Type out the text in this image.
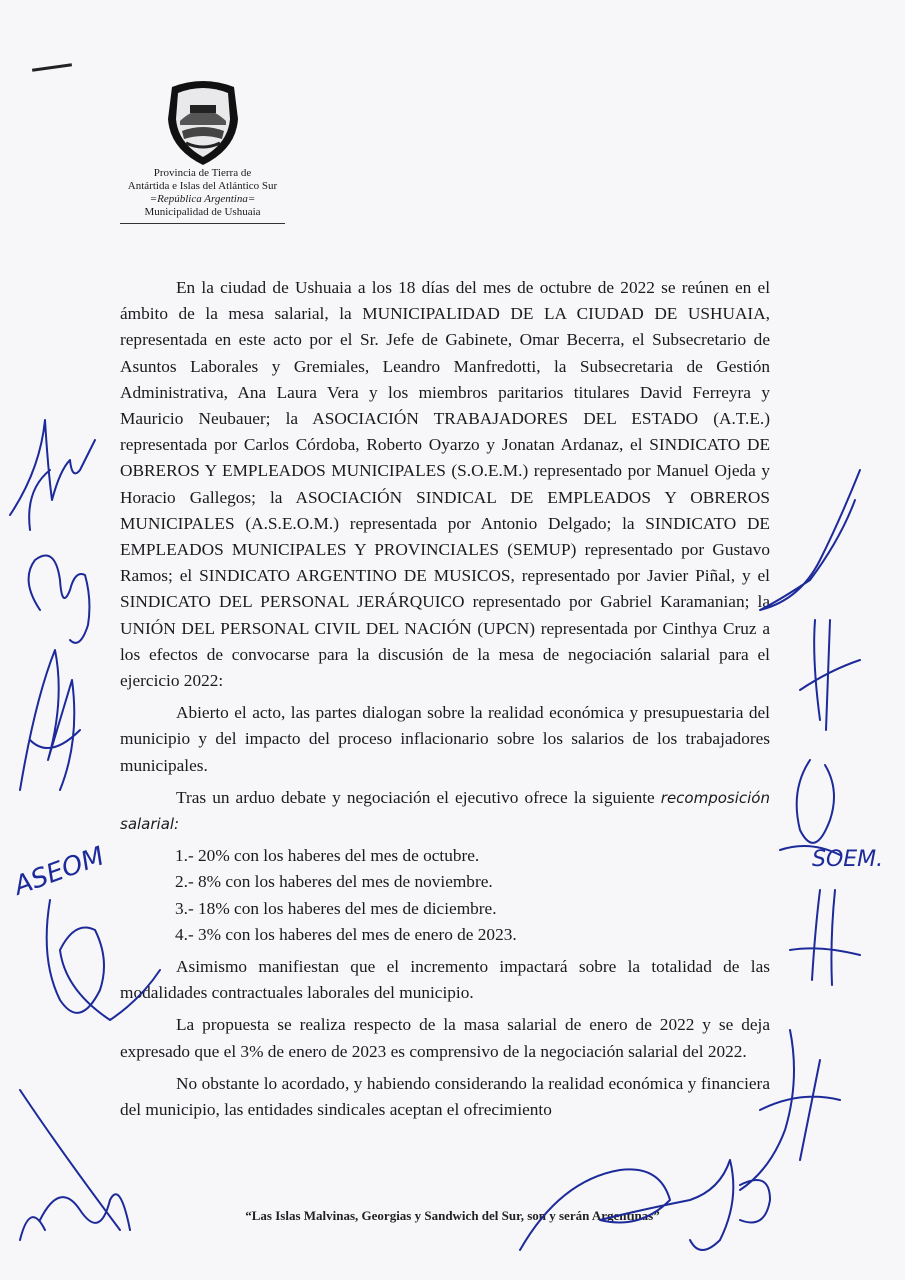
Provincia de Tierra de
Antártida e Islas del Atlántico Sur
=República Argentina=
Municipalidad de Ushuaia

En la ciudad de Ushuaia a los 18 días del mes de octubre de 2022 se reúnen en el ámbito de la mesa salarial, la MUNICIPALIDAD DE LA CIUDAD DE USHUAIA, representada en este acto por el Sr. Jefe de Gabinete, Omar Becerra, el Subsecretario de Asuntos Laborales y Gremiales, Leandro Manfredotti, la Subsecretaria de Gestión Administrativa, Ana Laura Vera y los miembros paritarios titulares David Ferreyra y Mauricio Neubauer; la ASOCIACIÓN TRABAJADORES DEL ESTADO (A.T.E.) representada por Carlos Córdoba, Roberto Oyarzo y Jonatan Ardanaz, el SINDICATO DE OBREROS Y EMPLEADOS MUNICIPALES (S.O.E.M.) representado por Manuel Ojeda y Horacio Gallegos; la ASOCIACIÓN SINDICAL DE EMPLEADOS Y OBREROS MUNICIPALES (A.S.E.O.M.) representada por Antonio Delgado; la SINDICATO DE EMPLEADOS MUNICIPALES Y PROVINCIALES (SEMUP) representado por Gustavo Ramos; el SINDICATO ARGENTINO DE MUSICOS, representado por Javier Piñal, y el SINDICATO DEL PERSONAL JERÁRQUICO representado por Gabriel Karamanian; la UNIÓN DEL PERSONAL CIVIL DEL NACIÓN (UPCN) representada por Cinthya Cruz a los efectos de convocarse para la discusión de la mesa de negociación salarial para el ejercicio 2022:

Abierto el acto, las partes dialogan sobre la realidad económica y presupuestaria del municipio y del impacto del proceso inflacionario sobre los salarios de los trabajadores municipales.

Tras un arduo debate y negociación el ejecutivo ofrece la siguiente recomposición salarial:

1.- 20% con los haberes del mes de octubre.
2.- 8% con los haberes del mes de noviembre.
3.- 18% con los haberes del mes de diciembre.
4.- 3% con los haberes del mes de enero de 2023.

Asimismo manifiestan que el incremento impactará sobre la totalidad de las modalidades contractuales laborales del municipio.

La propuesta se realiza respecto de la masa salarial de enero de 2022 y se deja expresado que el 3% de enero de 2023 es comprensivo de la negociación salarial del 2022.

No obstante lo acordado, y habiendo considerando la realidad económica y financiera del municipio, las entidades sindicales aceptan el ofrecimiento

“Las Islas Malvinas, Georgias y Sandwich del Sur, son y serán Argentinas”
ASEOM	SOEM.
